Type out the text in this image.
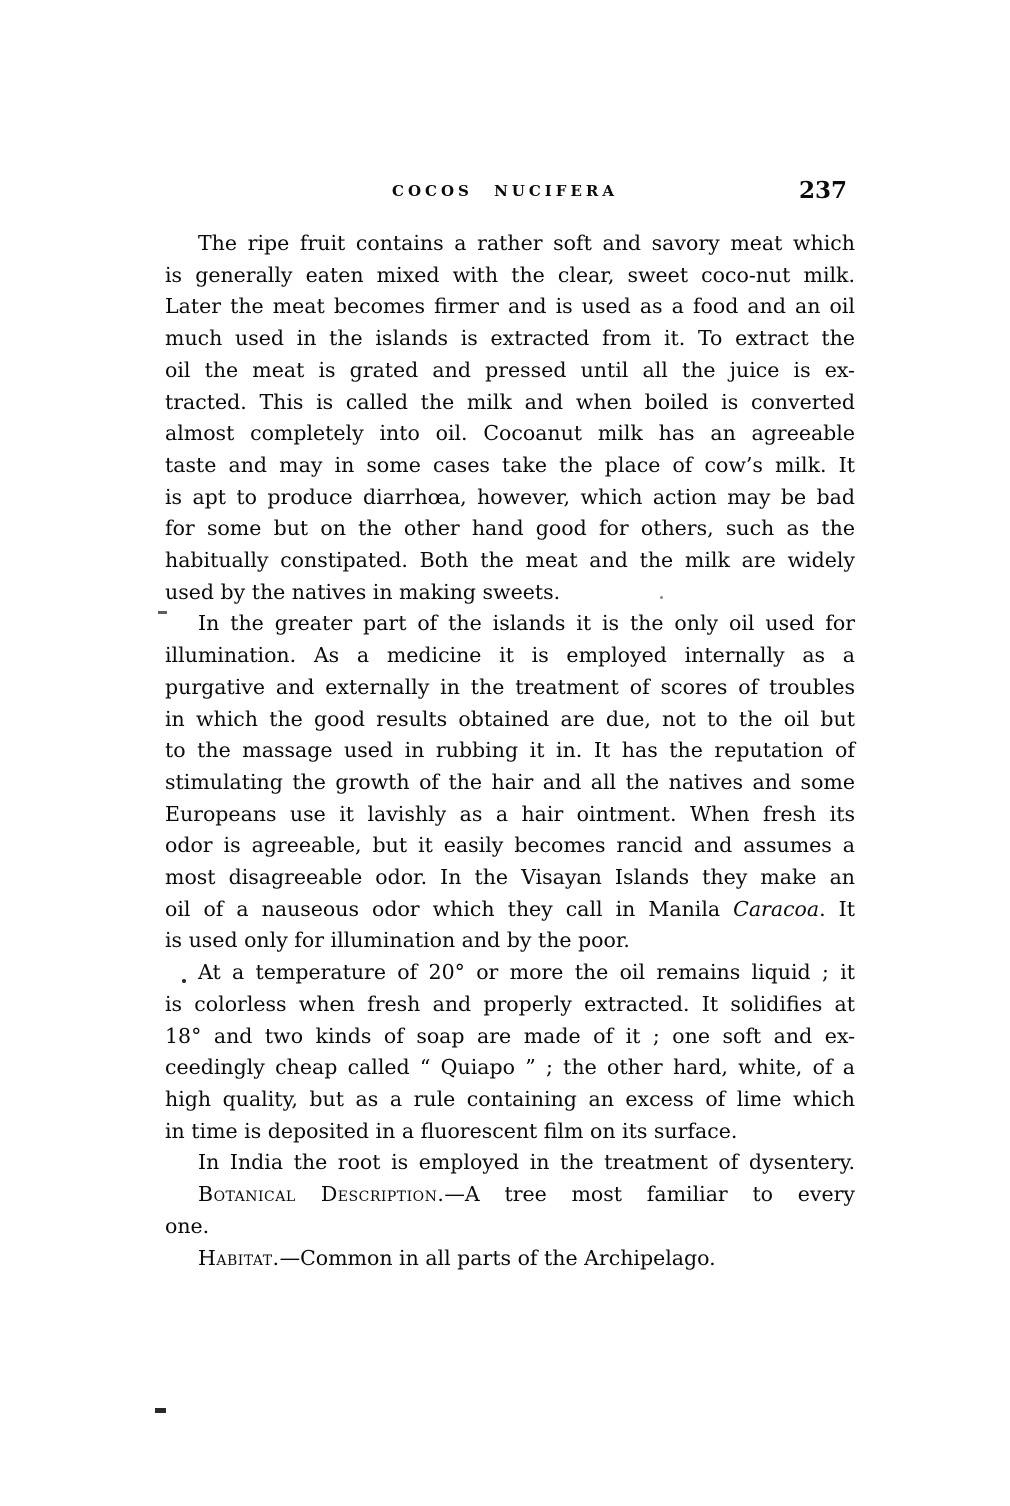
COCOS NUCIFERA	237
The ripe fruit contains a rather soft and savory meat which
is generally eaten mixed with the clear, sweet coco-nut milk.
Later the meat becomes firmer and is used as a food and an oil
much used in the islands is extracted from it. To extract the
oil the meat is grated and pressed until all the juice is ex-
tracted. This is called the milk and when boiled is converted
almost completely into oil. Cocoanut milk has an agreeable
taste and may in some cases take the place of cow’s milk. It
is apt to produce diarrhœa, however, which action may be bad
for some but on the other hand good for others, such as the
habitually constipated. Both the meat and the milk are widely
used by the natives in making sweets.
In the greater part of the islands it is the only oil used for
illumination. As a medicine it is employed internally as a
purgative and externally in the treatment of scores of troubles
in which the good results obtained are due, not to the oil but
to the massage used in rubbing it in. It has the reputation of
stimulating the growth of the hair and all the natives and some
Europeans use it lavishly as a hair ointment. When fresh its
odor is agreeable, but it easily becomes rancid and assumes a
most disagreeable odor. In the Visayan Islands they make an
oil of a nauseous odor which they call in Manila Caracoa. It
is used only for illumination and by the poor.
At a temperature of 20° or more the oil remains liquid ; it
is colorless when fresh and properly extracted. It solidifies at
18° and two kinds of soap are made of it ; one soft and ex-
ceedingly cheap called “ Quiapo ” ; the other hard, white, of a
high quality, but as a rule containing an excess of lime which
in time is deposited in a fluorescent film on its surface.
In India the root is employed in the treatment of dysentery.
Botanical Description.—A tree most familiar to every
one.
Habitat.—Common in all parts of the Archipelago.
